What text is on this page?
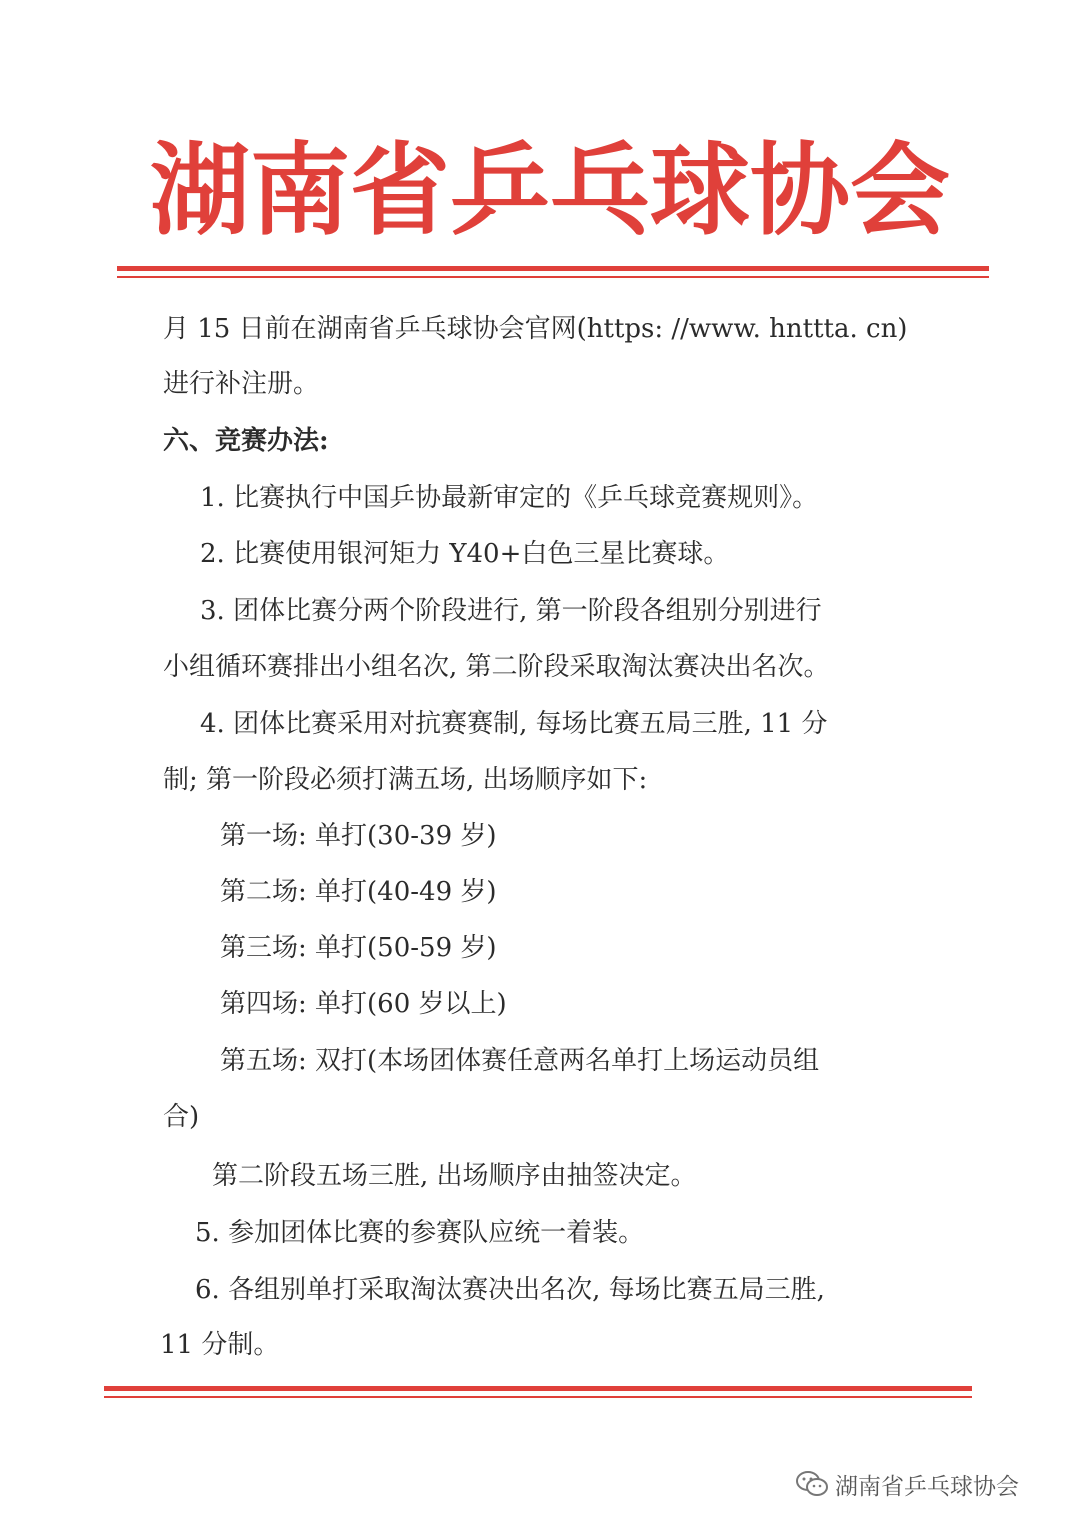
湖南省乒乓球协会
月 15 日前在湖南省乒乓球协会官网(https: //www. hnttta. cn)
进行补注册。
六、竞赛办法:
1. 比赛执行中国乒协最新审定的《乒乓球竞赛规则》。
2. 比赛使用银河矩力 Y40+白色三星比赛球。
3. 团体比赛分两个阶段进行, 第一阶段各组别分别进行
小组循环赛排出小组名次, 第二阶段采取淘汰赛决出名次。
4. 团体比赛采用对抗赛赛制, 每场比赛五局三胜, 11 分
制; 第一阶段必须打满五场, 出场顺序如下:
第一场: 单打(30-39 岁)
第二场: 单打(40-49 岁)
第三场: 单打(50-59 岁)
第四场: 单打(60 岁以上)
第五场: 双打(本场团体赛任意两名单打上场运动员组
合)
第二阶段五场三胜, 出场顺序由抽签决定。
5. 参加团体比赛的参赛队应统一着装。
6. 各组别单打采取淘汰赛决出名次, 每场比赛五局三胜,
11 分制。
湖南省乒乓球协会
